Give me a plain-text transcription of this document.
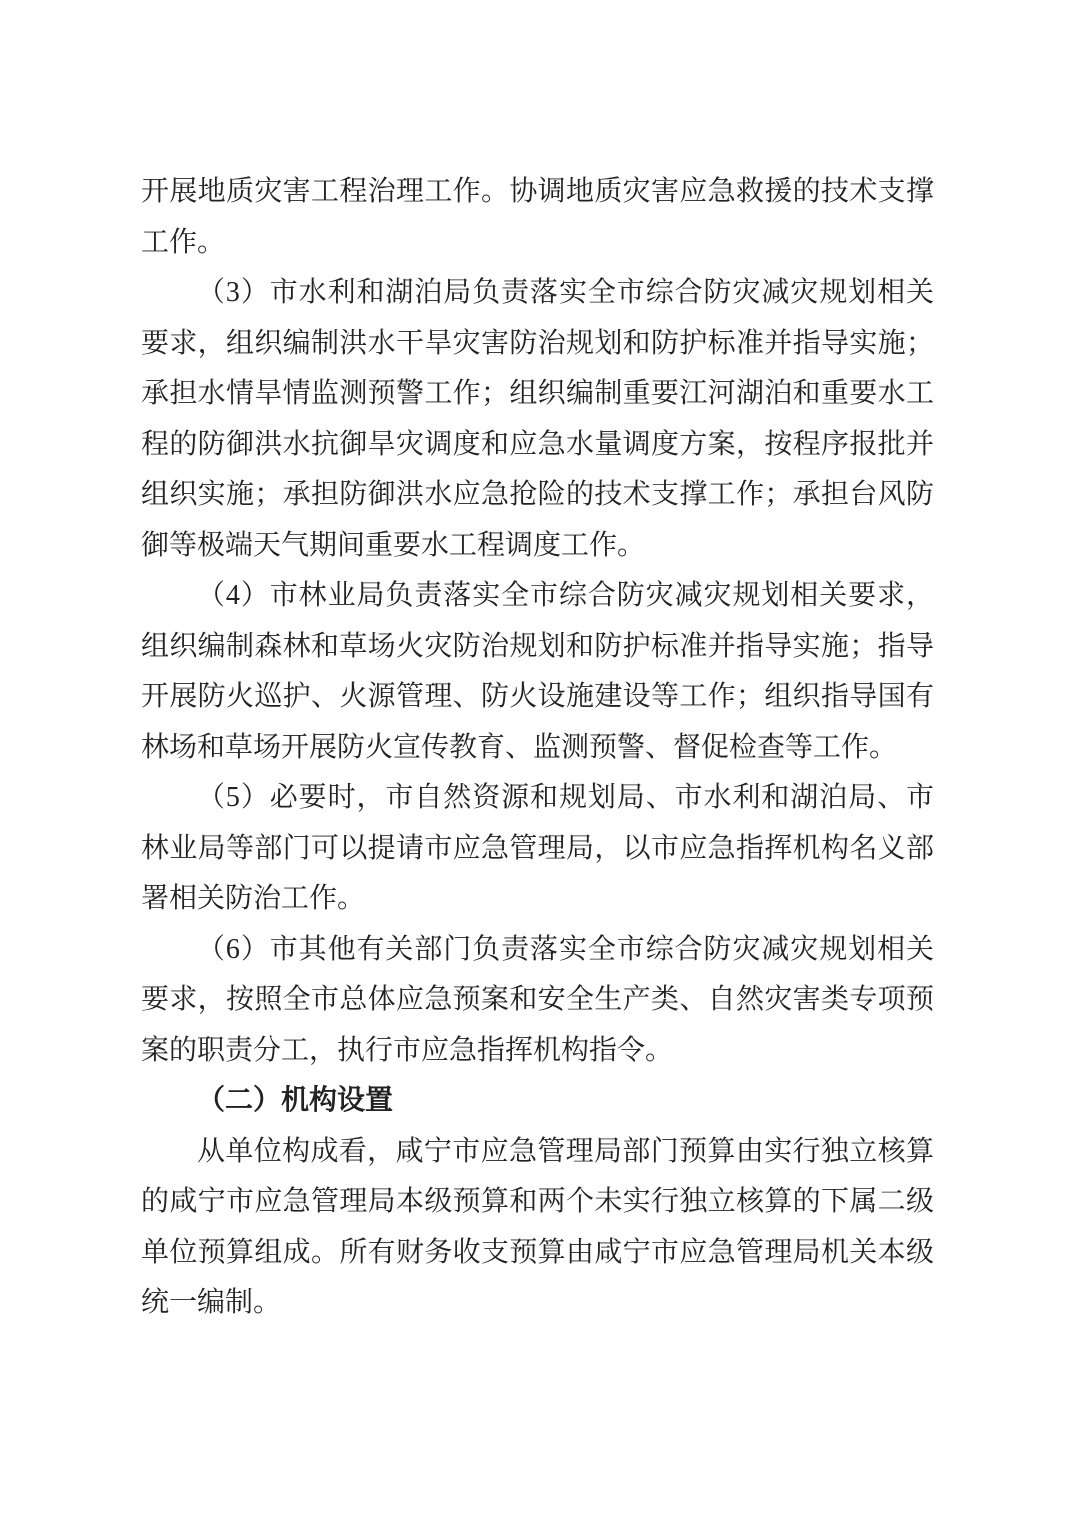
开展地质灾害工程治理工作。协调地质灾害应急救援的技术支撑工作。

（3）市水利和湖泊局负责落实全市综合防灾减灾规划相关要求，组织编制洪水干旱灾害防治规划和防护标准并指导实施；承担水情旱情监测预警工作；组织编制重要江河湖泊和重要水工程的防御洪水抗御旱灾调度和应急水量调度方案，按程序报批并组织实施；承担防御洪水应急抢险的技术支撑工作；承担台风防御等极端天气期间重要水工程调度工作。

（4）市林业局负责落实全市综合防灾减灾规划相关要求，组织编制森林和草场火灾防治规划和防护标准并指导实施；指导开展防火巡护、火源管理、防火设施建设等工作；组织指导国有林场和草场开展防火宣传教育、监测预警、督促检查等工作。

（5）必要时，市自然资源和规划局、市水利和湖泊局、市林业局等部门可以提请市应急管理局，以市应急指挥机构名义部署相关防治工作。

（6）市其他有关部门负责落实全市综合防灾减灾规划相关要求，按照全市总体应急预案和安全生产类、自然灾害类专项预案的职责分工，执行市应急指挥机构指令。

（二）机构设置

从单位构成看，咸宁市应急管理局部门预算由实行独立核算的咸宁市应急管理局本级预算和两个未实行独立核算的下属二级单位预算组成。所有财务收支预算由咸宁市应急管理局机关本级统一编制。
